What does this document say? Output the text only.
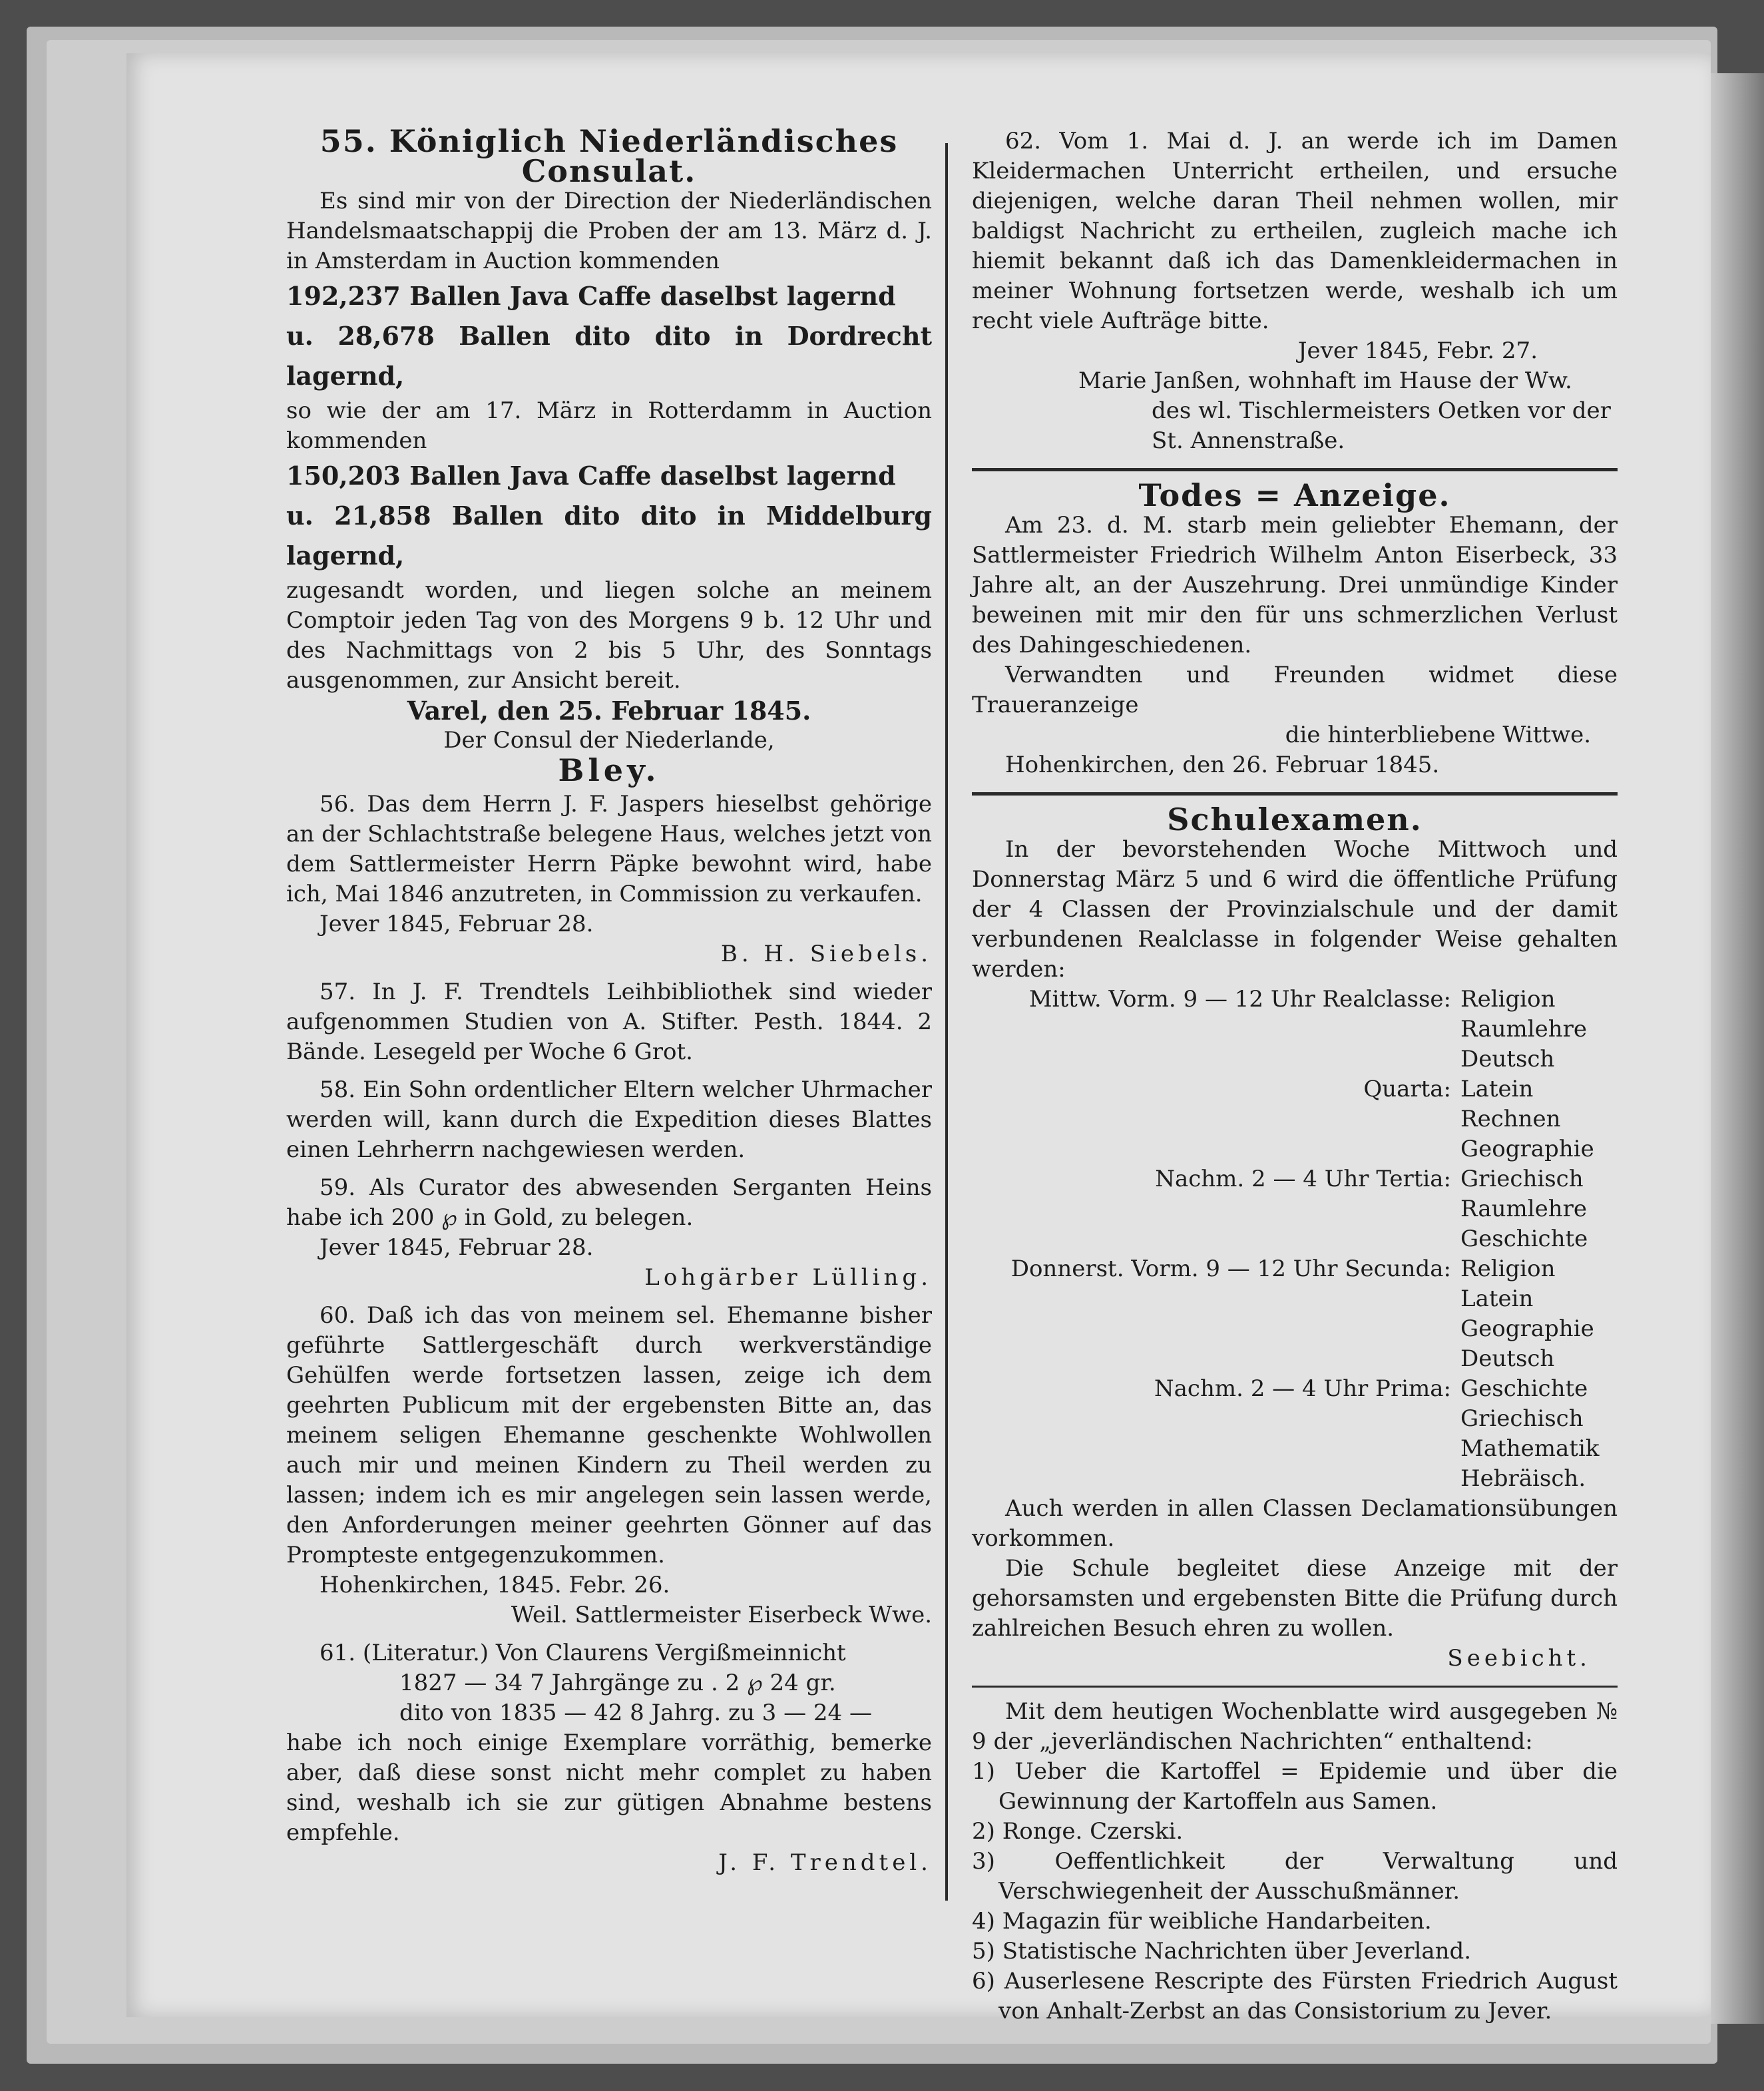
55. Königlich Niederländisches Consulat.

Es sind mir von der Direction der Niederländischen Handelsmaatschappij die Proben der am 13. März d. J. in Amsterdam in Auction kommenden

192,237 Ballen Java Caffe daselbst lagernd

u. 28,678 Ballen dito dito in Dordrecht lagernd,

so wie der am 17. März in Rotterdamm in Auction kommenden

150,203 Ballen Java Caffe daselbst lagernd

u. 21,858 Ballen dito dito in Middelburg lagernd,

zugesandt worden, und liegen solche an meinem Comptoir jeden Tag von des Morgens 9 b. 12 Uhr und des Nachmittags von 2 bis 5 Uhr, des Sonntags ausgenommen, zur Ansicht bereit.

Varel, den 25. Februar 1845.

Der Consul der Niederlande,

Bley.

56. Das dem Herrn J. F. Jaspers hieselbst gehörige an der Schlachtstraße belegene Haus, welches jetzt von dem Sattlermeister Herrn Päpke bewohnt wird, habe ich, Mai 1846 anzutreten, in Commission zu verkaufen.

Jever 1845, Februar 28.

B. H. Siebels.

57. In J. F. Trendtels Leihbibliothek sind wieder aufgenommen Studien von A. Stifter. Pesth. 1844. 2 Bände. Lesegeld per Woche 6 Grot.

58. Ein Sohn ordentlicher Eltern welcher Uhrmacher werden will, kann durch die Expedition dieses Blattes einen Lehrherrn nachgewiesen werden.

59. Als Curator des abwesenden Serganten Heins habe ich 200 ℘ in Gold, zu belegen.

Jever 1845, Februar 28.

Lohgärber Lülling.

60. Daß ich das von meinem sel. Ehemanne bisher geführte Sattlergeschäft durch werkverständige Gehülfen werde fortsetzen lassen, zeige ich dem geehrten Publicum mit der ergebensten Bitte an, das meinem seligen Ehemanne geschenkte Wohlwollen auch mir und meinen Kindern zu Theil werden zu lassen; indem ich es mir angelegen sein lassen werde, den Anforderungen meiner geehrten Gönner auf das Prompteste entgegenzukommen.

Hohenkirchen, 1845. Febr. 26.

Weil. Sattlermeister Eiserbeck Wwe.

61. (Literatur.) Von Claurens Vergißmeinnicht

1827 — 34 7 Jahrgänge zu . 2 ℘ 24 gr.

dito von 1835 — 42 8 Jahrg. zu 3 — 24 —

habe ich noch einige Exemplare vorräthig, bemerke aber, daß diese sonst nicht mehr complet zu haben sind, weshalb ich sie zur gütigen Abnahme bestens empfehle.

J. F. Trendtel.

62. Vom 1. Mai d. J. an werde ich im Damen Kleidermachen Unterricht ertheilen, und ersuche diejenigen, welche daran Theil nehmen wollen, mir baldigst Nachricht zu ertheilen, zugleich mache ich hiemit bekannt daß ich das Damenkleidermachen in meiner Wohnung fortsetzen werde, weshalb ich um recht viele Aufträge bitte.

Jever 1845, Febr. 27.

Marie Janßen, wohnhaft im Hause der Ww.

des wl. Tischlermeisters Oetken vor der

St. Annenstraße.

Todes = Anzeige.

Am 23. d. M. starb mein geliebter Ehemann, der Sattlermeister Friedrich Wilhelm Anton Eiserbeck, 33 Jahre alt, an der Auszehrung. Drei unmündige Kinder beweinen mit mir den für uns schmerzlichen Verlust des Dahingeschiedenen.

Verwandten und Freunden widmet diese Traueranzeige

die hinterbliebene Wittwe.

Hohenkirchen, den 26. Februar 1845.

Schulexamen.

In der bevorstehenden Woche Mittwoch und Donnerstag März 5 und 6 wird die öffentliche Prüfung der 4 Classen der Provinzialschule und der damit verbundenen Realclasse in folgender Weise gehalten werden:

Mittw. Vorm. 9 — 12 Uhr Realclasse: Religion
Raumlehre
Deutsch
Quarta: Latein
Rechnen
Geographie
Nachm. 2 — 4 Uhr Tertia: Griechisch
Raumlehre
Geschichte
Donnerst. Vorm. 9 — 12 Uhr Secunda: Religion
Latein
Geographie
Deutsch
Nachm. 2 — 4 Uhr Prima: Geschichte
Griechisch
Mathematik
Hebräisch.

Auch werden in allen Classen Declamationsübungen vorkommen.

Die Schule begleitet diese Anzeige mit der gehorsamsten und ergebensten Bitte die Prüfung durch zahlreichen Besuch ehren zu wollen.

Seebicht.

Mit dem heutigen Wochenblatte wird ausgegeben № 9 der „jeverländischen Nachrichten“ enthaltend:

1) Ueber die Kartoffel = Epidemie und über die Gewinnung der Kartoffeln aus Samen.

2) Ronge. Czerski.

3) Oeffentlichkeit der Verwaltung und Verschwiegenheit der Ausschußmänner.

4) Magazin für weibliche Handarbeiten.

5) Statistische Nachrichten über Jeverland.

6) Auserlesene Rescripte des Fürsten Friedrich August von Anhalt-Zerbst an das Consistorium zu Jever.
